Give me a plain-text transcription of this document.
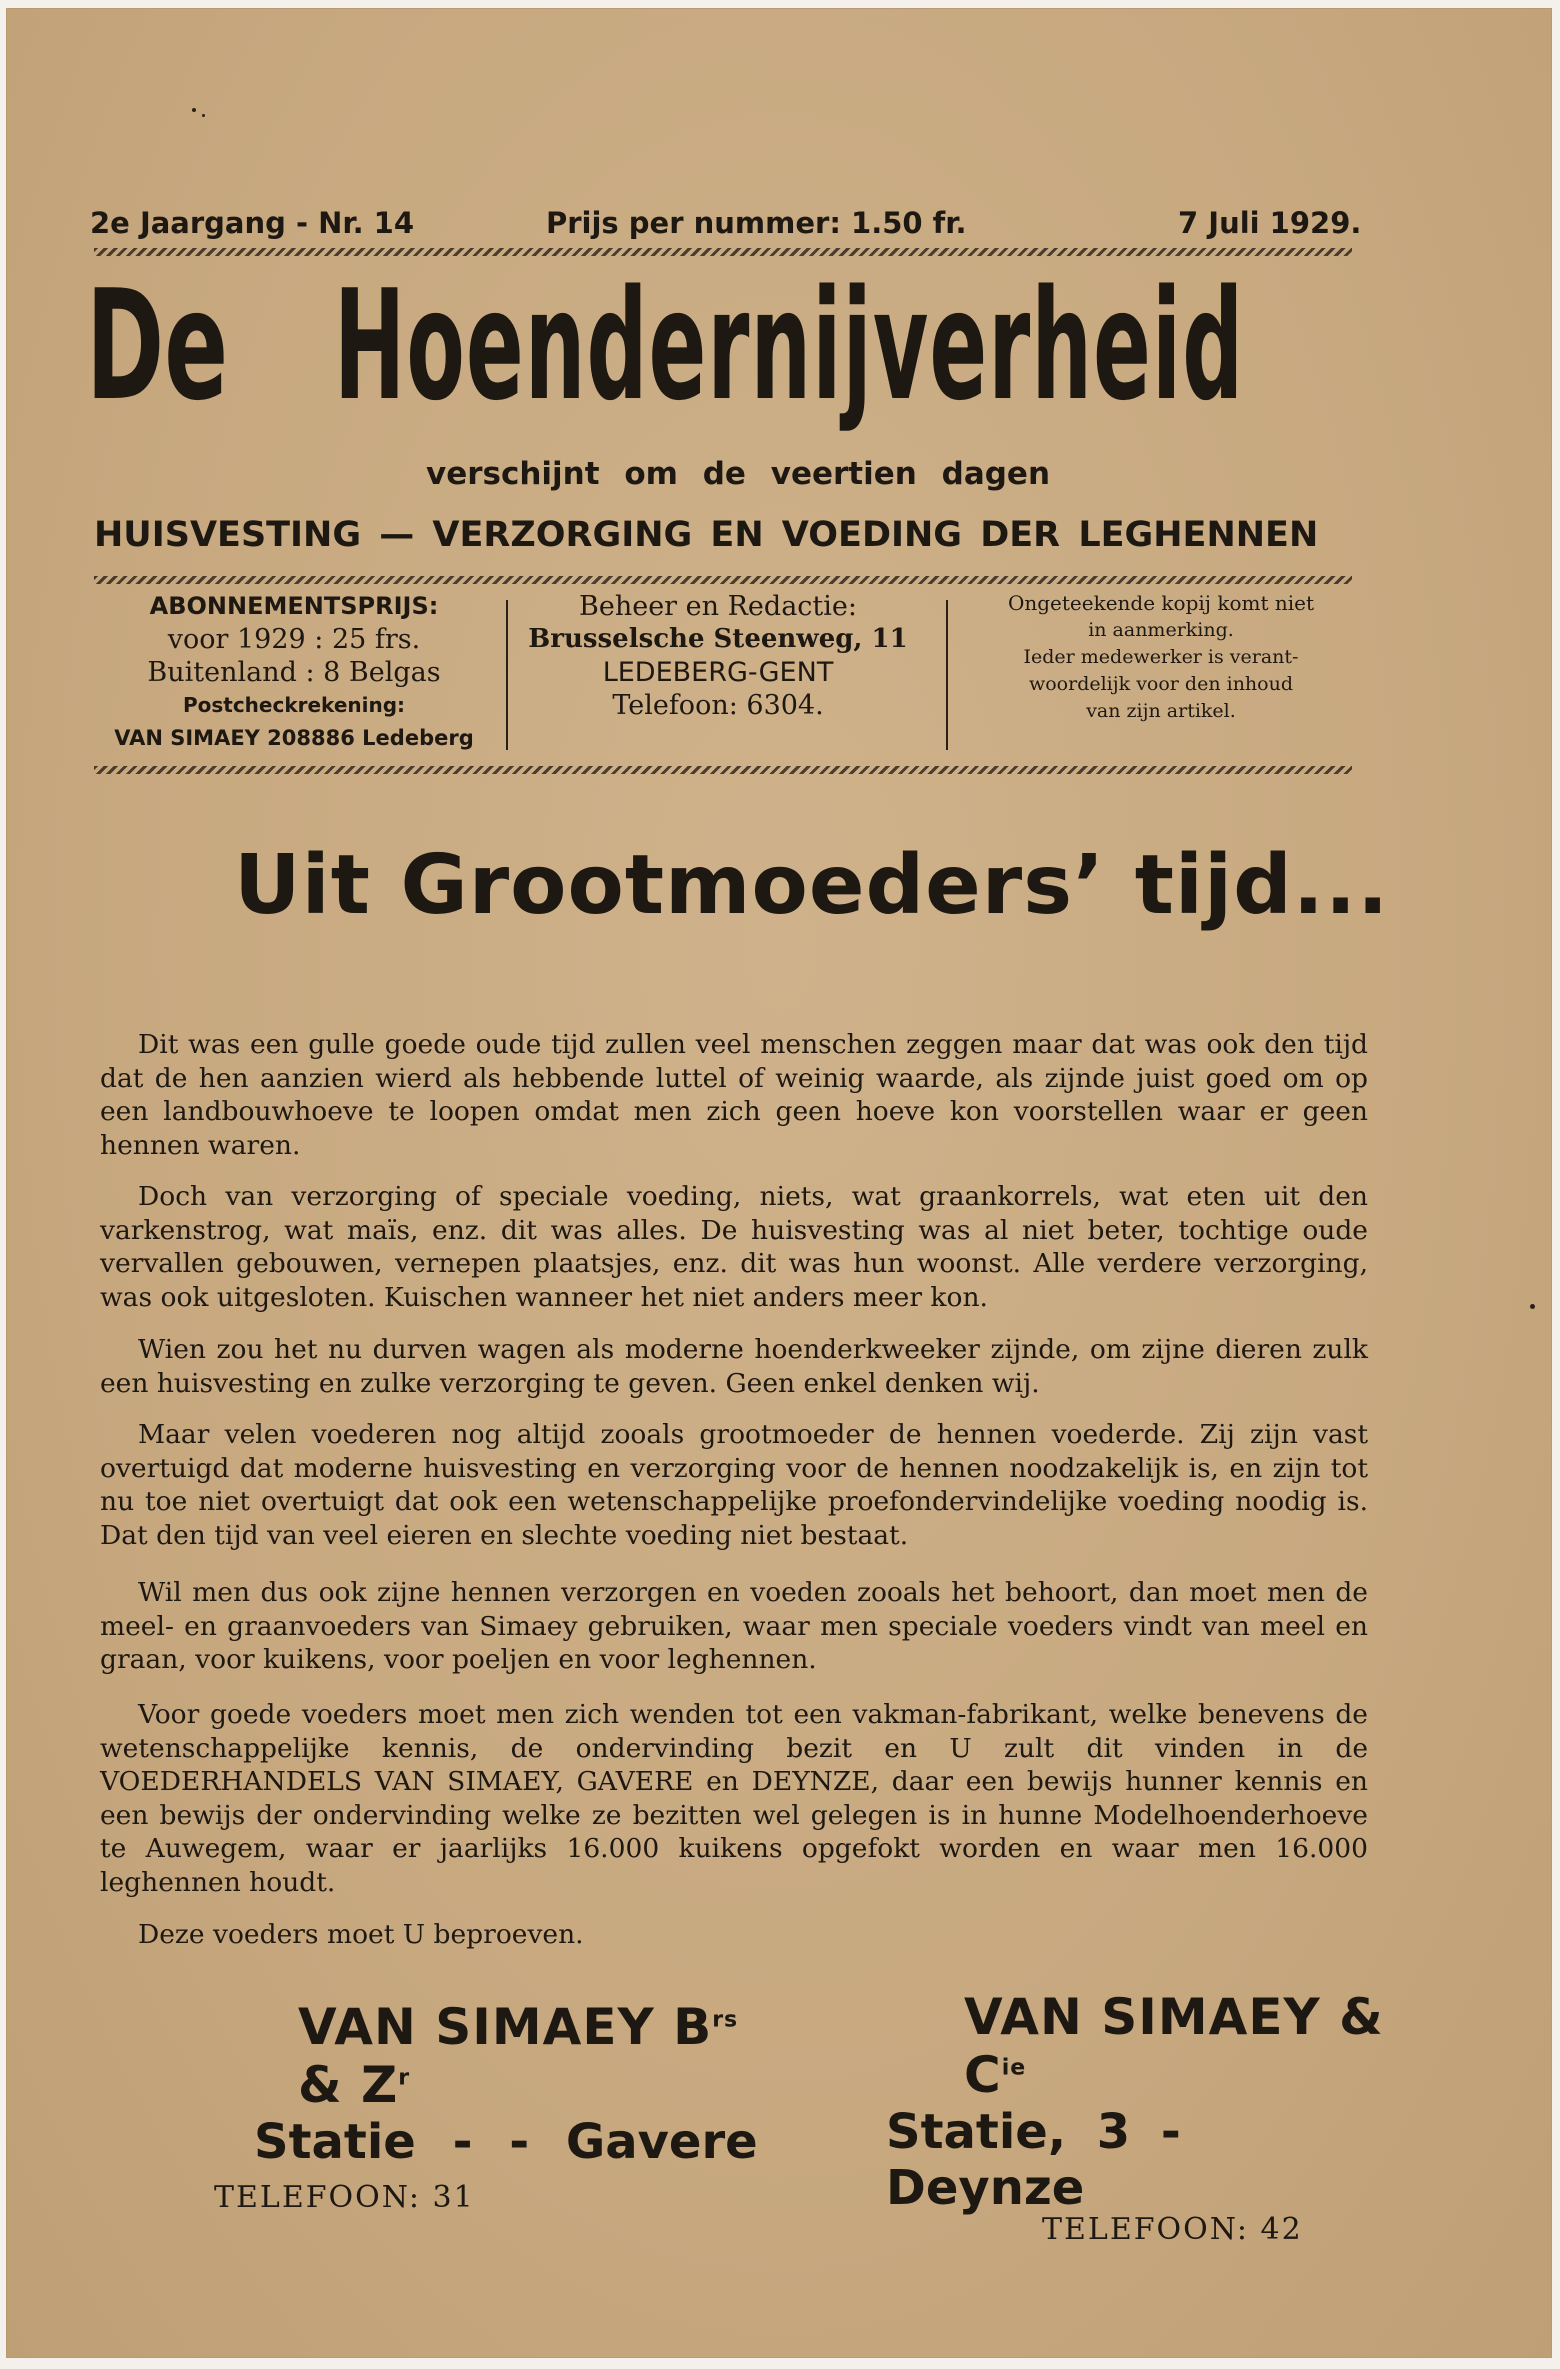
2e Jaargang - Nr. 14	Prijs per nummer: 1.50 fr.	7 Juli 1929.
De Hoendernijverheid
verschijnt om de veertien dagen
HUISVESTING — VERZORGING EN VOEDING DER LEGHENNEN
ABONNEMENTSPRIJS:
voor 1929 : 25 frs.
Buitenland : 8 Belgas
Postcheckrekening:
VAN SIMAEY 208886 Ledeberg
Beheer en Redactie:
Brusselsche Steenweg, 11
LEDEBERG-GENT
Telefoon: 6304.
Ongeteekende kopij komt niet
in aanmerking.
Ieder medewerker is verant-
woordelijk voor den inhoud
van zijn artikel.
Uit Grootmoeders’ tijd...
Dit was een gulle goede oude tijd zullen veel menschen zeggen maar dat was ook den tijd dat de hen aanzien wierd als hebbende luttel of weinig waarde, als zijnde juist goed om op een landbouwhoeve te loopen omdat men zich geen hoeve kon voorstellen waar er geen hennen waren.
Doch van verzorging of speciale voeding, niets, wat graankorrels, wat eten uit den varkenstrog, wat maïs, enz. dit was alles. De huisvesting was al niet beter, tochtige oude vervallen gebouwen, vernepen plaatsjes, enz. dit was hun woonst. Alle verdere verzorging, was ook uitgesloten. Kuischen wanneer het niet anders meer kon.
Wien zou het nu durven wagen als moderne hoenderkweeker zijnde, om zijne dieren zulk een huisvesting en zulke verzorging te geven. Geen enkel denken wij.
Maar velen voederen nog altijd zooals grootmoeder de hennen voederde. Zij zijn vast overtuigd dat moderne huisvesting en verzorging voor de hennen noodzakelijk is, en zijn tot nu toe niet overtuigt dat ook een wetenschappelijke proefondervindelijke voeding noodig is. Dat den tijd van veel eieren en slechte voeding niet bestaat.
Wil men dus ook zijne hennen verzorgen en voeden zooals het behoort, dan moet men de meel- en graanvoeders van Simaey gebruiken, waar men speciale voeders vindt van meel en graan, voor kuikens, voor poeljen en voor leghennen.
Voor goede voeders moet men zich wenden tot een vakman-fabrikant, welke benevens de wetenschappelijke kennis, de ondervinding bezit en U zult dit vinden in de VOEDERHANDELS VAN SIMAEY, GAVERE en DEYNZE, daar een bewijs hunner kennis en een bewijs der ondervinding welke ze bezitten wel gelegen is in hunne Modelhoenderhoeve te Auwegem, waar er jaarlijks 16.000 kuikens opgefokt worden en waar men 16.000 leghennen houdt.
Deze voeders moet U beproeven.
VAN SIMAEY $B^{rs}$ & $Z^r$
Statie - - Gavere
TELEFOON: 31
VAN SIMAEY & $C^{ie}$
Statie, 3 - Deynze
TELEFOON: 42
